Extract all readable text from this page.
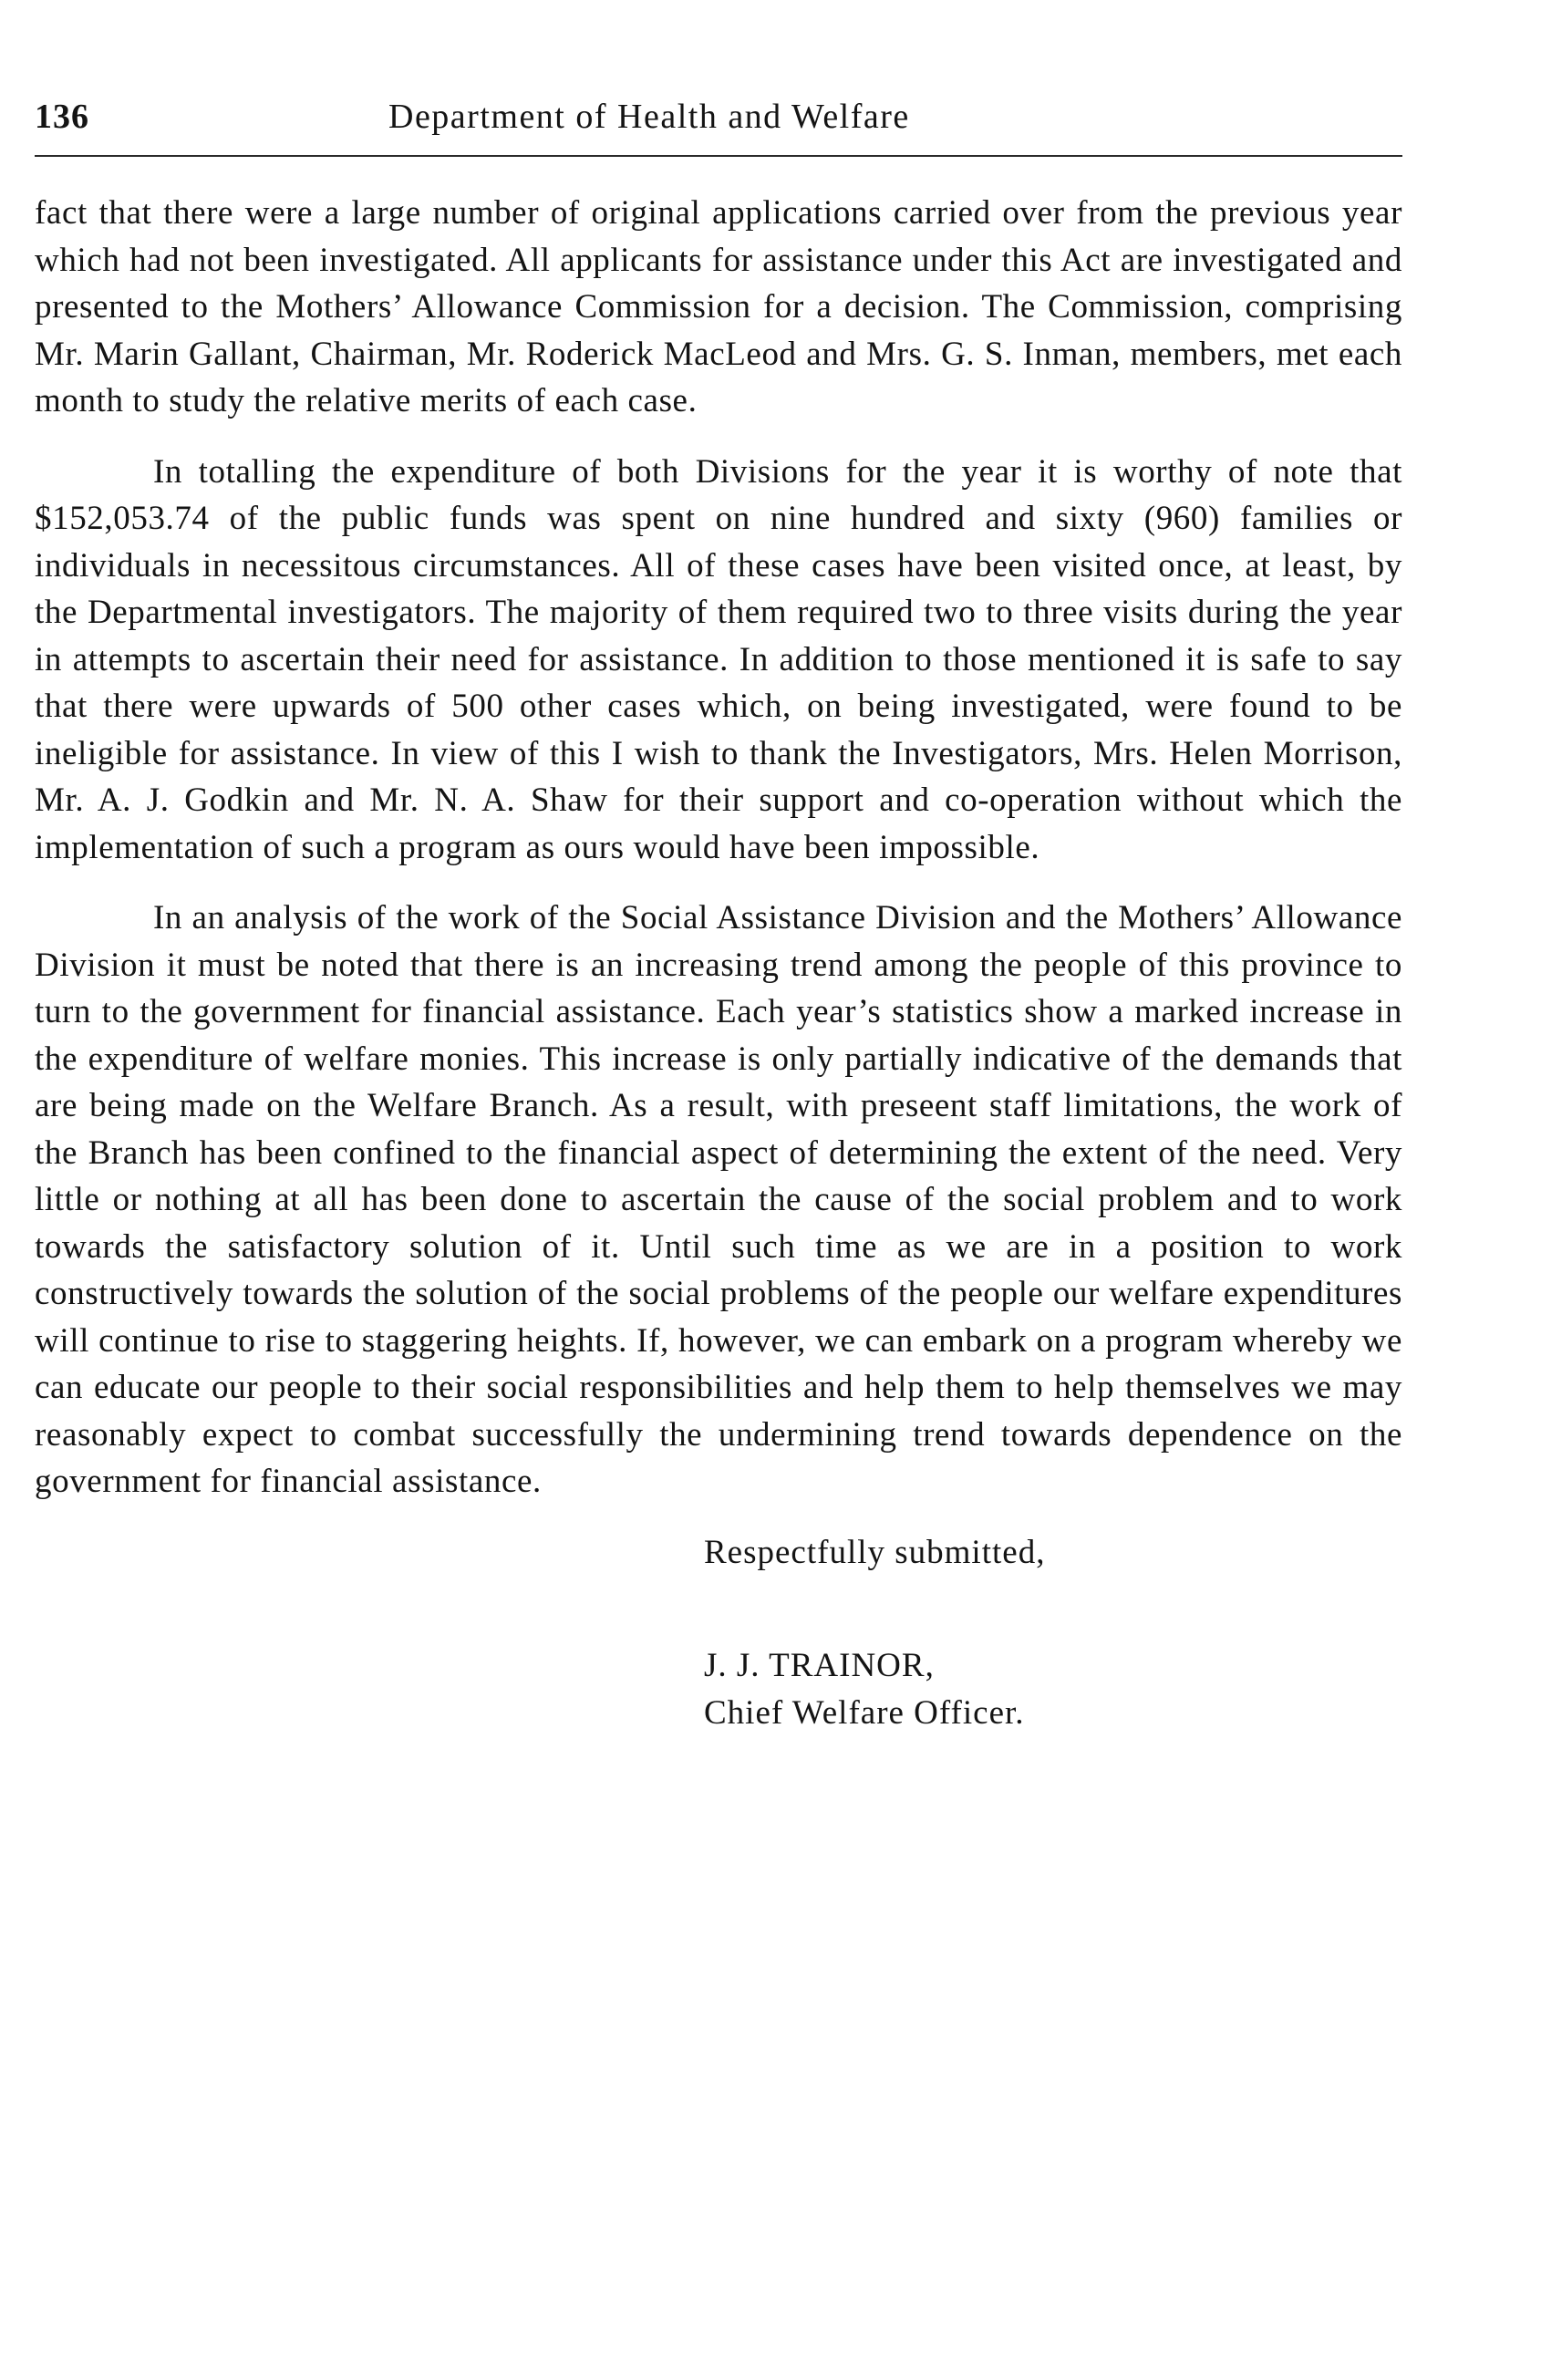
136	Department of Health and Welfare

fact that there were a large number of original applications carried over from the previous year which had not been investigated. All applicants for assistance under this Act are investigated and presented to the Mothers’ Allowance Commission for a decision. The Commission, comprising Mr. Marin Gallant, Chairman, Mr. Roderick MacLeod and Mrs. G. S. Inman, members, met each month to study the relative merits of each case.

In totalling the expenditure of both Divisions for the year it is worthy of note that $152,053.74 of the public funds was spent on nine hundred and sixty (960) families or individuals in necessitous circumstances. All of these cases have been visited once, at least, by the Departmental investigators. The majority of them required two to three visits during the year in attempts to ascertain their need for assistance. In addition to those mentioned it is safe to say that there were upwards of 500 other cases which, on being investigated, were found to be ineligible for assistance. In view of this I wish to thank the Investigators, Mrs. Helen Morrison, Mr. A. J. Godkin and Mr. N. A. Shaw for their support and co-operation without which the implementation of such a program as ours would have been impossible.

In an analysis of the work of the Social Assistance Division and the Mothers’ Allowance Division it must be noted that there is an increasing trend among the people of this province to turn to the government for financial assistance. Each year’s statistics show a marked increase in the expenditure of welfare monies. This increase is only partially indicative of the demands that are being made on the Welfare Branch. As a result, with preseent staff limitations, the work of the Branch has been confined to the financial aspect of determining the extent of the need. Very little or nothing at all has been done to ascertain the cause of the social problem and to work towards the satisfactory solution of it. Until such time as we are in a position to work constructively towards the solution of the social problems of the people our welfare expenditures will continue to rise to staggering heights. If, however, we can embark on a program whereby we can educate our people to their social responsibilities and help them to help themselves we may reasonably expect to combat successfully the undermining trend towards dependence on the government for financial assistance.

Respectfully submitted,
J. J. TRAINOR,
Chief Welfare Officer.
